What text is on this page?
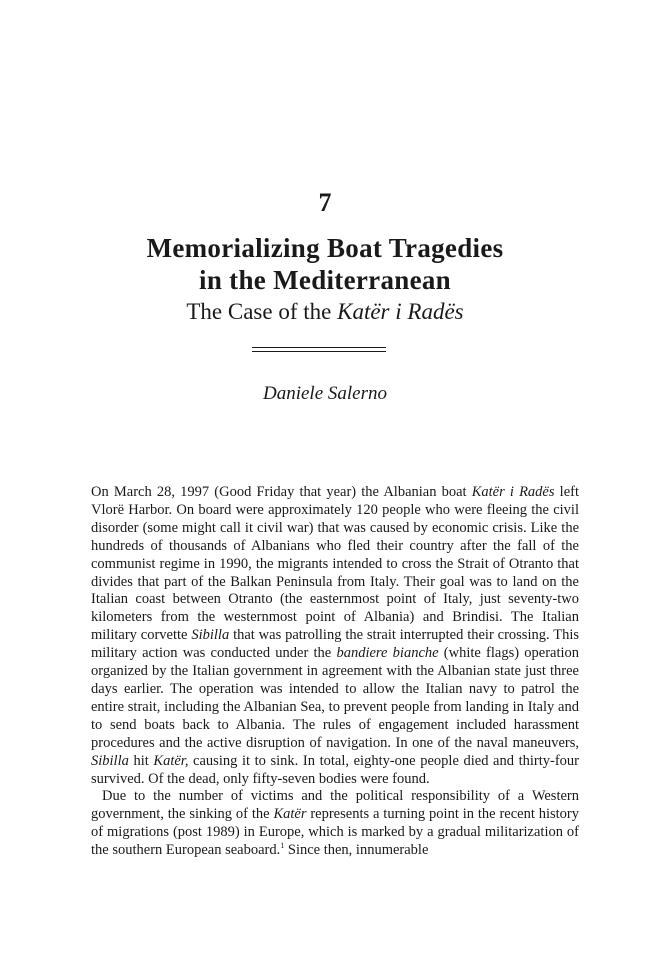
7
Memorializing Boat Tragedies
in the Mediterranean
The Case of the Katër i Radës
Daniele Salerno

On March 28, 1997 (Good Friday that year) the Albanian boat Katër i Radës left Vlorë Harbor. On board were approximately 120 people who were fleeing the civil disorder (some might call it civil war) that was caused by economic crisis. Like the hundreds of thousands of Albanians who fled their country after the fall of the communist regime in 1990, the migrants intended to cross the Strait of Otranto that divides that part of the Balkan Peninsula from Italy. Their goal was to land on the Italian coast between Otranto (the easternmost point of Italy, just seventy-two kilometers from the westernmost point of Albania) and Brindisi. The Italian military corvette Sibilla that was patrolling the strait interrupted their crossing. This military action was conducted under the bandiere bianche (white flags) operation organized by the Italian government in agreement with the Albanian state just three days earlier. The operation was intended to allow the Italian navy to patrol the entire strait, including the Albanian Sea, to prevent people from landing in Italy and to send boats back to Albania. The rules of engagement included harassment procedures and the active disruption of navigation. In one of the naval maneuvers, Sibilla hit Katër, causing it to sink. In total, eighty-one people died and thirty-four survived. Of the dead, only fifty-seven bodies were found.

Due to the number of victims and the political responsibility of a Western government, the sinking of the Katër represents a turning point in the recent history of migrations (post 1989) in Europe, which is marked by a gradual militarization of the southern European seaboard.$^1$ Since then, innumerable
